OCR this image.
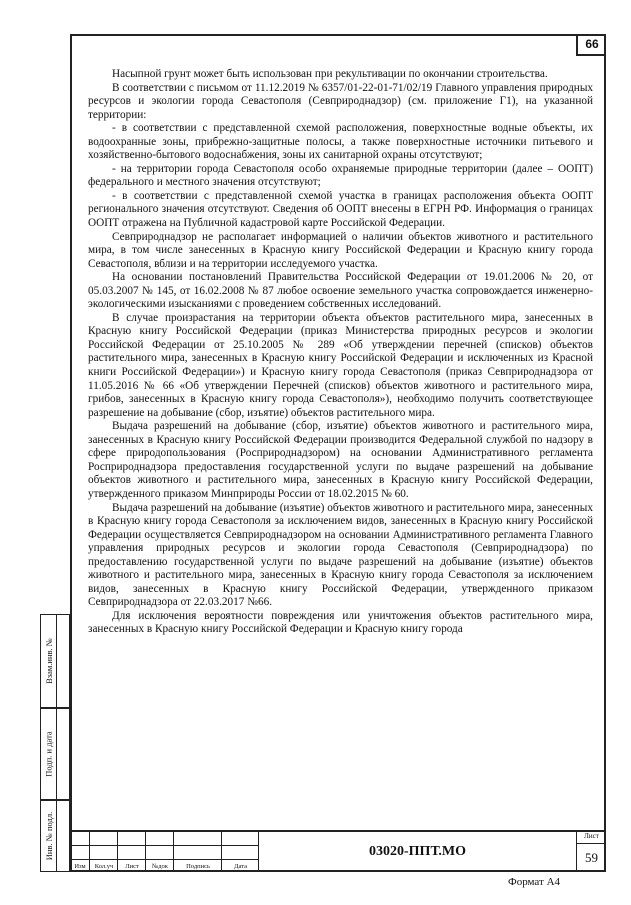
66
Взам.инв. №
Подп. и дата
Инв. № подл.

Насыпной грунт может быть использован при рекультивации по окончании строительства.

В соответствии с письмом от 11.12.2019 № 6357/01-22-01-71/02/19 Главного управления природных ресурсов и экологии города Севастополя (Севприроднадзор) (см. приложение Г1), на указанной территории:

- в соответствии с представленной схемой расположения, поверхностные водные объекты, их водоохранные зоны, прибрежно-защитные полосы, а также поверхностные источники питьевого и хозяйственно-бытового водоснабжения, зоны их санитарной охраны отсутствуют;

- на территории города Севастополя особо охраняемые природные территории (далее – ООПТ) федерального и местного значения отсутствуют;

- в соответствии с представленной схемой участка в границах расположения объекта ООПТ регионального значения отсутствуют. Сведения об ООПТ внесены в ЕГРН РФ. Информация о границах ООПТ отражена на Публичной кадастровой карте Российской Федерации.

Севприроднадзор не располагает информацией о наличии объектов животного и растительного мира, в том числе занесенных в Красную книгу Российской Федерации и Красную книгу города Севастополя, вблизи и на территории исследуемого участка.

На основании постановлений Правительства Российской Федерации от 19.01.2006 № 20, от 05.03.2007 № 145, от 16.02.2008 № 87 любое освоение земельного участка сопровождается инженерно-экологическими изысканиями с проведением собственных исследований.

В случае произрастания на территории объекта объектов растительного мира, занесенных в Красную книгу Российской Федерации (приказ Министерства природных ресурсов и экологии Российской Федерации от 25.10.2005 № 289 «Об утверждении перечней (списков) объектов растительного мира, занесенных в Красную книгу Российской Федерации и исключенных из Красной книги Российской Федерации») и Красную книгу города Севастополя (приказ Севприроднадзора от 11.05.2016 № 66 «Об утверждении Перечней (списков) объектов животного и растительного мира, грибов, занесенных в Красную книгу города Севастополя»), необходимо получить соответствующее разрешение на добывание (сбор, изъятие) объектов растительного мира.

Выдача разрешений на добывание (сбор, изъятие) объектов животного и растительного мира, занесенных в Красную книгу Российской Федерации производится Федеральной службой по надзору в сфере природопользования (Росприроднадзором) на основании Административного регламента Росприроднадзора предоставления государственной услуги по выдаче разрешений на добывание объектов животного и растительного мира, занесенных в Красную книгу Российской Федерации, утвержденного приказом Минприроды России от 18.02.2015 № 60.

Выдача разрешений на добывание (изъятие) объектов животного и растительного мира, занесенных в Красную книгу города Севастополя за исключением видов, занесенных в Красную книгу Российской Федерации осуществляется Севприроднадзором на основании Административного регламента Главного управления природных ресурсов и экологии города Севастополя (Севприроднадзора) по предоставлению государственной услуги по выдаче разрешений на добывание (изъятие) объектов животного и растительного мира, занесенных в Красную книгу города Севастополя за исключением видов, занесенных в Красную книгу Российской Федерации, утвержденного приказом Севприроднадзора от 22.03.2017 №66.

Для исключения вероятности повреждения или уничтожения объектов растительного мира, занесенных в Красную книгу Российской Федерации и Красную книгу города

Изм	Кол.уч	Лист	№док	Подпись	Дата
03020-ППТ.МО
Лист
59
Формат А4
